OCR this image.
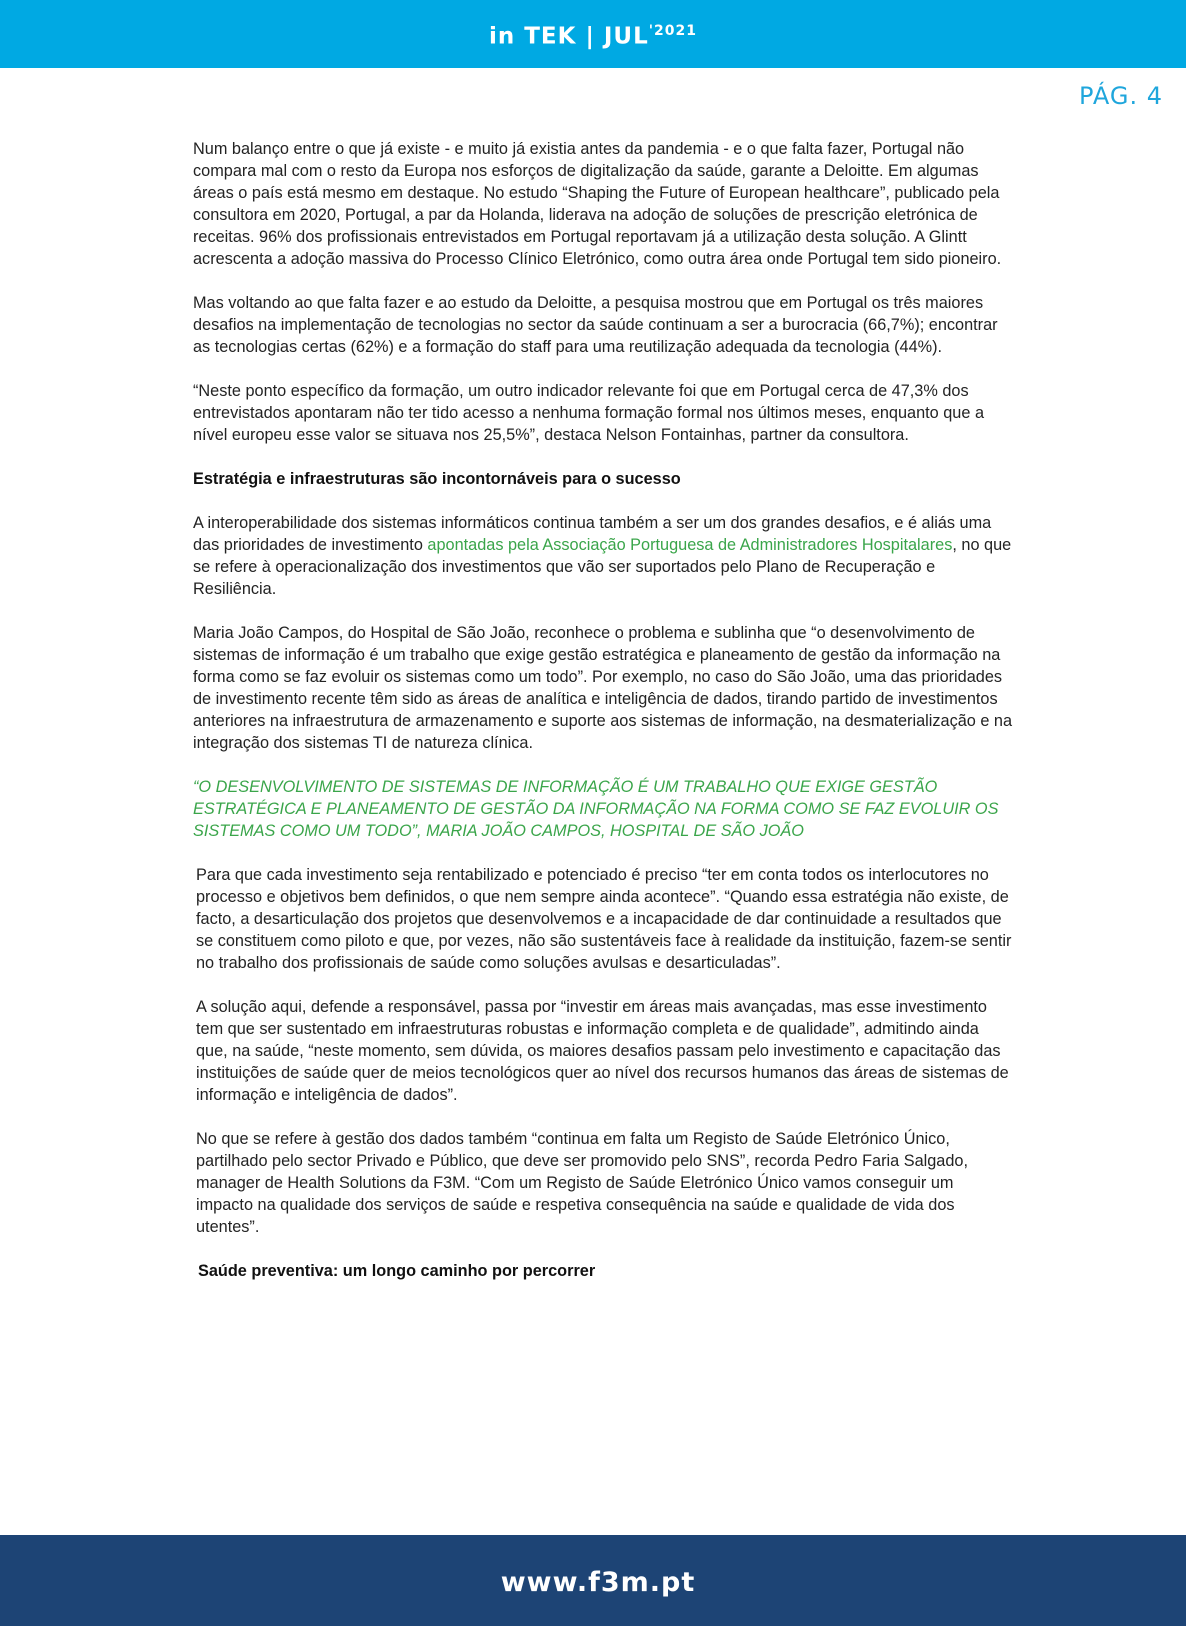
in TEK | $JUL^{'2021}$
PÁG. 4

Num balanço entre o que já existe - e muito já existia antes da pandemia - e o que falta fazer, Portugal não compara mal com o resto da Europa nos esforços de digitalização da saúde, garante a Deloitte. Em algumas áreas o país está mesmo em destaque. No estudo “Shaping the Future of European healthcare”, publicado pela consultora em 2020, Portugal, a par da Holanda, liderava na adoção de soluções de prescrição eletrónica de receitas. 96% dos profissionais entrevistados em Portugal reportavam já a utilização desta solução. A Glintt acrescenta a adoção massiva do Processo Clínico Eletrónico, como outra área onde Portugal tem sido pioneiro.

Mas voltando ao que falta fazer e ao estudo da Deloitte, a pesquisa mostrou que em Portugal os três maiores desafios na implementação de tecnologias no sector da saúde continuam a ser a burocracia (66,7%); encontrar as tecnologias certas (62%) e a formação do staff para uma reutilização adequada da tecnologia (44%).

“Neste ponto específico da formação, um outro indicador relevante foi que em Portugal cerca de 47,3% dos entrevistados apontaram não ter tido acesso a nenhuma formação formal nos últimos meses, enquanto que a nível europeu esse valor se situava nos 25,5%”, destaca Nelson Fontainhas, partner da consultora.

Estratégia e infraestruturas são incontornáveis para o sucesso

A interoperabilidade dos sistemas informáticos continua também a ser um dos grandes desafios, e é aliás uma das prioridades de investimento apontadas pela Associação Portuguesa de Administradores Hospitalares, no que se refere à operacionalização dos investimentos que vão ser suportados pelo Plano de Recuperação e Resiliência.

Maria João Campos, do Hospital de São João, reconhece o problema e sublinha que “o desenvolvimento de sistemas de informação é um trabalho que exige gestão estratégica e planeamento de gestão da informação na forma como se faz evoluir os sistemas como um todo”. Por exemplo, no caso do São João, uma das prioridades de investimento recente têm sido as áreas de analítica e inteligência de dados, tirando partido de investimentos anteriores na infraestrutura de armazenamento e suporte aos sistemas de informação, na desmaterialização e na integração dos sistemas TI de natureza clínica.

“O DESENVOLVIMENTO DE SISTEMAS DE INFORMAÇÃO É UM TRABALHO QUE EXIGE GESTÃO ESTRATÉGICA E PLANEAMENTO DE GESTÃO DA INFORMAÇÃO NA FORMA COMO SE FAZ EVOLUIR OS SISTEMAS COMO UM TODO”, MARIA JOÃO CAMPOS, HOSPITAL DE SÃO JOÃO

Para que cada investimento seja rentabilizado e potenciado é preciso “ter em conta todos os interlocutores no processo e objetivos bem definidos, o que nem sempre ainda acontece”. “Quando essa estratégia não existe, de facto, a desarticulação dos projetos que desenvolvemos e a incapacidade de dar continuidade a resultados que se constituem como piloto e que, por vezes, não são sustentáveis face à realidade da instituição, fazem-se sentir no trabalho dos profissionais de saúde como soluções avulsas e desarticuladas”.

A solução aqui, defende a responsável, passa por “investir em áreas mais avançadas, mas esse investimento tem que ser sustentado em infraestruturas robustas e informação completa e de qualidade”, admitindo ainda que, na saúde, “neste momento, sem dúvida, os maiores desafios passam pelo investimento e capacitação das instituições de saúde quer de meios tecnológicos quer ao nível dos recursos humanos das áreas de sistemas de informação e inteligência de dados”.

No que se refere à gestão dos dados também “continua em falta um Registo de Saúde Eletrónico Único, partilhado pelo sector Privado e Público, que deve ser promovido pelo SNS”, recorda Pedro Faria Salgado, manager de Health Solutions da F3M. “Com um Registo de Saúde Eletrónico Único vamos conseguir um impacto na qualidade dos serviços de saúde e respetiva consequência na saúde e qualidade de vida dos utentes”.

Saúde preventiva: um longo caminho por percorrer
www.f3m.pt
